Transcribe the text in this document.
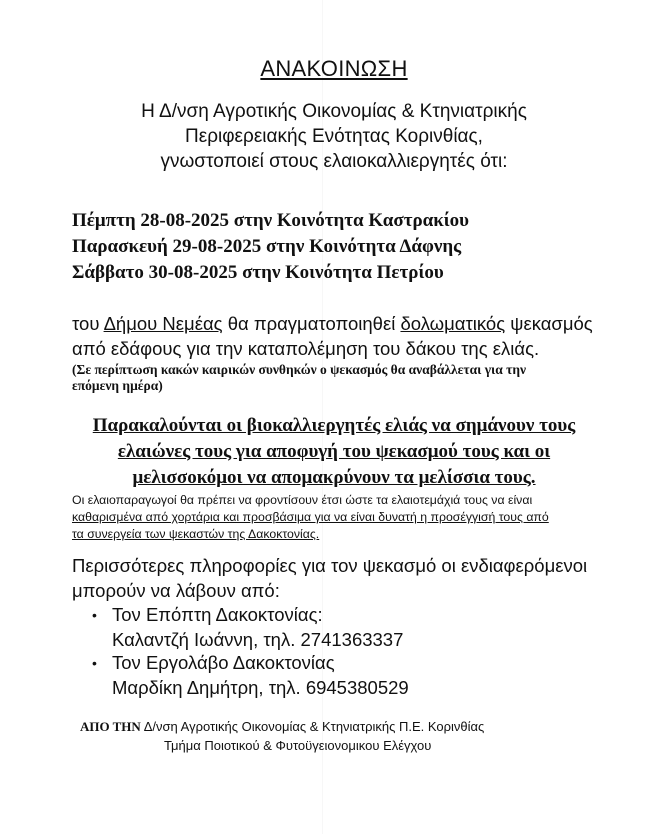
ΑΝΑΚΟΙΝΩΣΗ
Η Δ/νση Αγροτικής Οικονομίας & Κτηνιατρικής
Περιφερειακής Ενότητας Κορινθίας,
γνωστοποιεί στους ελαιοκαλλιεργητές ότι:
Πέμπτη 28-08-2025 στην Κοινότητα Καστρακίου
Παρασκευή 29-08-2025 στην Κοινότητα Δάφνης
Σάββατο 30-08-2025 στην Κοινότητα Πετρίου
του Δήμου Νεμέας θα πραγματοποιηθεί δολωματικός ψεκασμός
από εδάφους για την καταπολέμηση του δάκου της ελιάς.
(Σε περίπτωση κακών καιρικών συνθηκών ο ψεκασμός θα αναβάλλεται για την
επόμενη ημέρα)
Παρακαλούνται οι βιοκαλλιεργητές ελιάς να σημάνουν τους
ελαιώνες τους για αποφυγή του ψεκασμού τους και οι
μελισσοκόμοι να απομακρύνουν τα μελίσσια τους.
Οι ελαιοπαραγωγοί θα πρέπει να φροντίσουν έτσι ώστε τα ελαιοτεμάχιά τους να είναι
καθαρισμένα από χορτάρια και προσβάσιμα για να είναι δυνατή η προσέγγισή τους από
τα συνεργεία των ψεκαστών της Δακοκτονίας.
Περισσότερες πληροφορίες για τον ψεκασμό οι ενδιαφερόμενοι
μπορούν να λάβουν από:
• Τον Επόπτη Δακοκτονίας:
Καλαντζή Ιωάννη, τηλ. 2741363337
• Τον Εργολάβο Δακοκτονίας
Μαρδίκη Δημήτρη, τηλ. 6945380529
ΑΠΟ ΤΗΝ Δ/νση Αγροτικής Οικονομίας & Κτηνιατρικής Π.Ε. Κορινθίας
Τμήμα Ποιοτικού & Φυτοϋγειονομικου Ελέγχου
